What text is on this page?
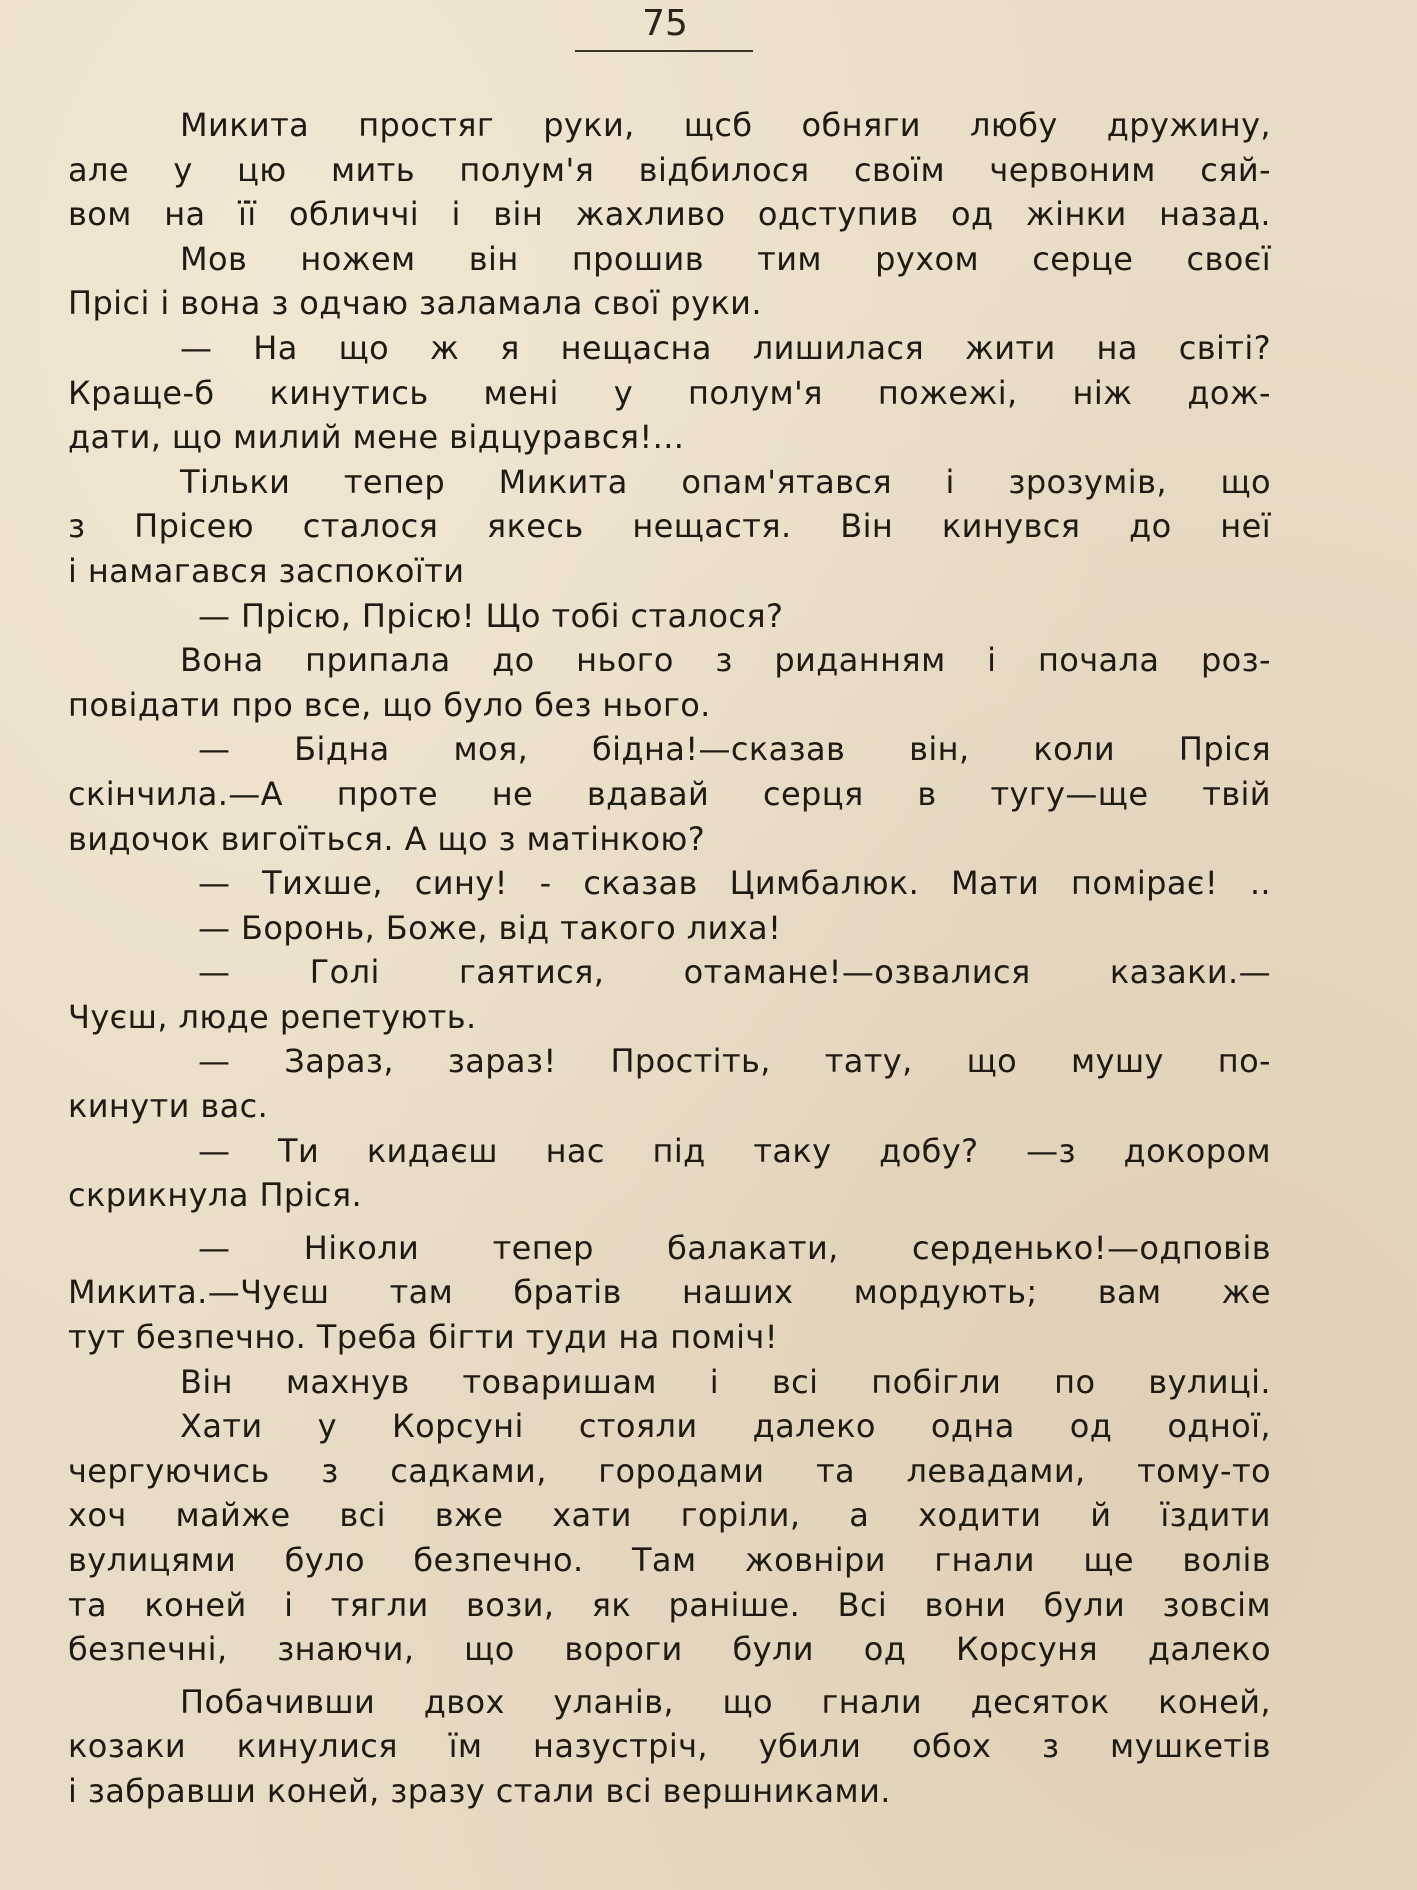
75
Микита простяг руки, щсб обняги любу дружину,
але у цю мить полум'я відбилося своїм червоним сяй-
вом на її обличчі і він жахливо одступив од жінки назад.
Мов ножем він прошив тим рухом серце своєї
Прісі і вона з одчаю заламала свої руки.
— На що ж я нещасна лишилася жити на світі?
Краще-б кинутись мені у полум'я пожежі, ніж дож-
дати, що милий мене відцурався!...
Тільки тепер Микита опам'ятався і зрозумів, що
з Прісею сталося якесь нещастя. Він кинувся до неї
і намагався заспокоїти
— Прісю, Прісю! Що тобі сталося?
Вона припала до нього з риданням і почала роз-
повідати про все, що було без нього.
— Бідна моя, бідна!—сказав він, коли Пріся
скінчила.—А проте не вдавай серця в тугу—ще твій
видочок вигоїться. А що з матінкою?
— Тихше, сину! - сказав Цимбалюк. Мати помірає! ..
— Боронь, Боже, від такого лиха!
— Голі гаятися, отамане!—озвалися казаки.—
Чуєш, люде репетують.
— Зараз, зараз! Простіть, тату, що мушу по-
кинути вас.
— Ти кидаєш нас під таку добу? —з докором
скрикнула Пріся.
— Ніколи тепер балакати, серденько!—одповів
Микита.—Чуєш там братів наших мордують; вам же
тут безпечно. Треба бігти туди на поміч!
Він махнув товаришам і всі побігли по вулиці.
Хати у Корсуні стояли далеко одна од одної,
чергуючись з садками, городами та левадами, тому-то
хоч майже всі вже хати горіли, а ходити й їздити
вулицями було безпечно. Там жовніри гнали ще волів
та коней і тягли вози, як раніше. Всі вони були зовсім
безпечні, знаючи, що вороги були од Корсуня далеко
Побачивши двох уланів, що гнали десяток коней,
козаки кинулися їм назустріч, убили обох з мушкетів
і забравши коней, зразу стали всі вершниками.
